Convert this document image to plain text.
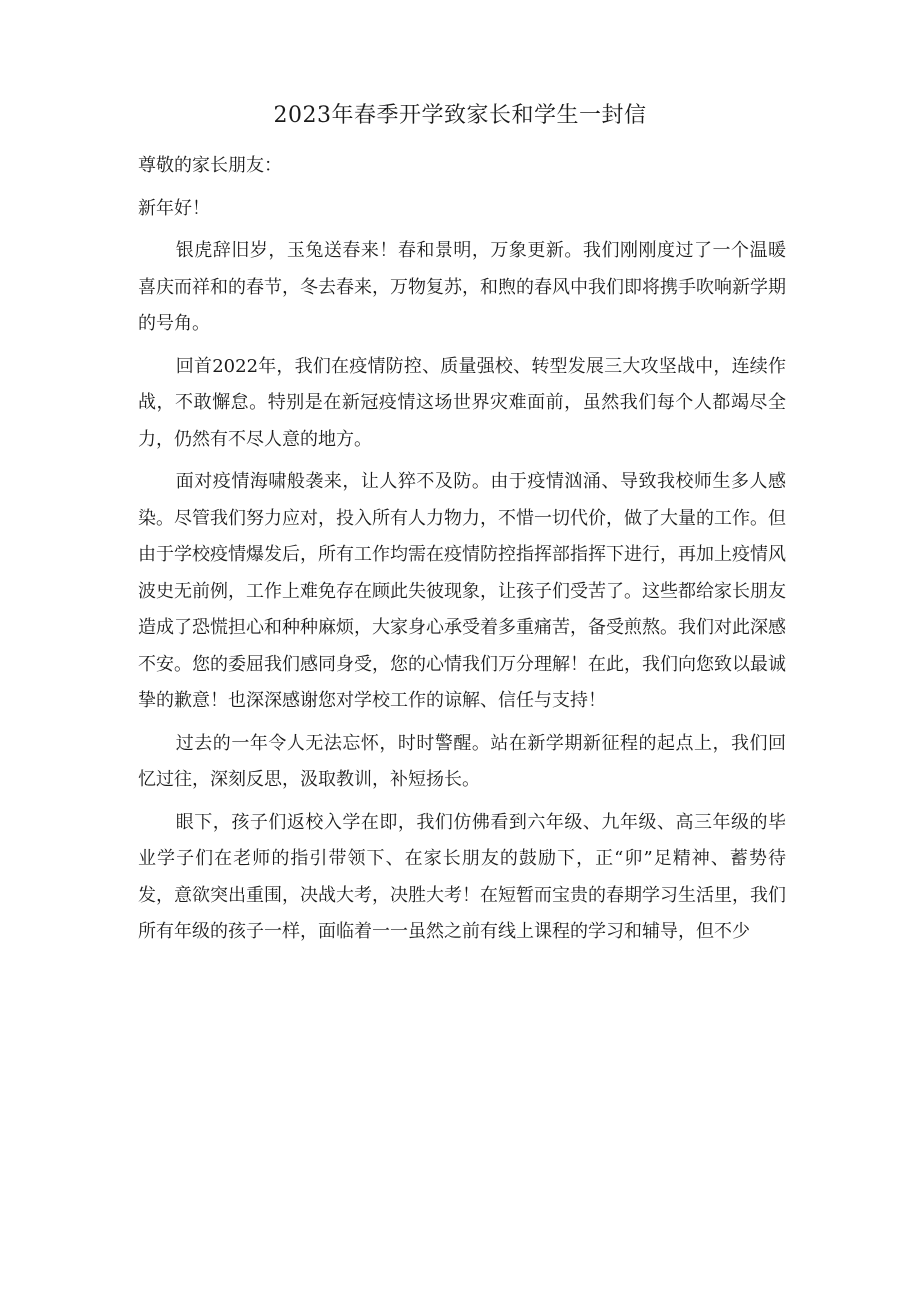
2023年春季开学致家长和学生一封信

尊敬的家长朋友：

新年好！

银虎辞旧岁，玉兔送春来！春和景明，万象更新。我们刚刚度过了一个温暖喜庆而祥和的春节，冬去春来，万物复苏，和煦的春风中我们即将携手吹响新学期的号角。

回首2022年，我们在疫情防控、质量强校、转型发展三大攻坚战中，连续作战，不敢懈怠。特别是在新冠疫情这场世界灾难面前，虽然我们每个人都竭尽全力，仍然有不尽人意的地方。

面对疫情海啸般袭来，让人猝不及防。由于疫情汹涌、导致我校师生多人感染。尽管我们努力应对，投入所有人力物力，不惜一切代价，做了大量的工作。但由于学校疫情爆发后，所有工作均需在疫情防控指挥部指挥下进行，再加上疫情风波史无前例，工作上难免存在顾此失彼现象，让孩子们受苦了。这些都给家长朋友造成了恐慌担心和种种麻烦，大家身心承受着多重痛苦，备受煎熬。我们对此深感不安。您的委屈我们感同身受，您的心情我们万分理解！在此，我们向您致以最诚挚的歉意！也深深感谢您对学校工作的谅解、信任与支持！

过去的一年令人无法忘怀，时时警醒。站在新学期新征程的起点上，我们回忆过往，深刻反思，汲取教训，补短扬长。

眼下，孩子们返校入学在即，我们仿佛看到六年级、九年级、高三年级的毕业学子们在老师的指引带领下、在家长朋友的鼓励下，正“卯”足精神、蓄势待发，意欲突出重围，决战大考，决胜大考！在短暂而宝贵的春期学习生活里，我们所有年级的孩子一样，面临着一一虽然之前有线上课程的学习和辅导，但不少
